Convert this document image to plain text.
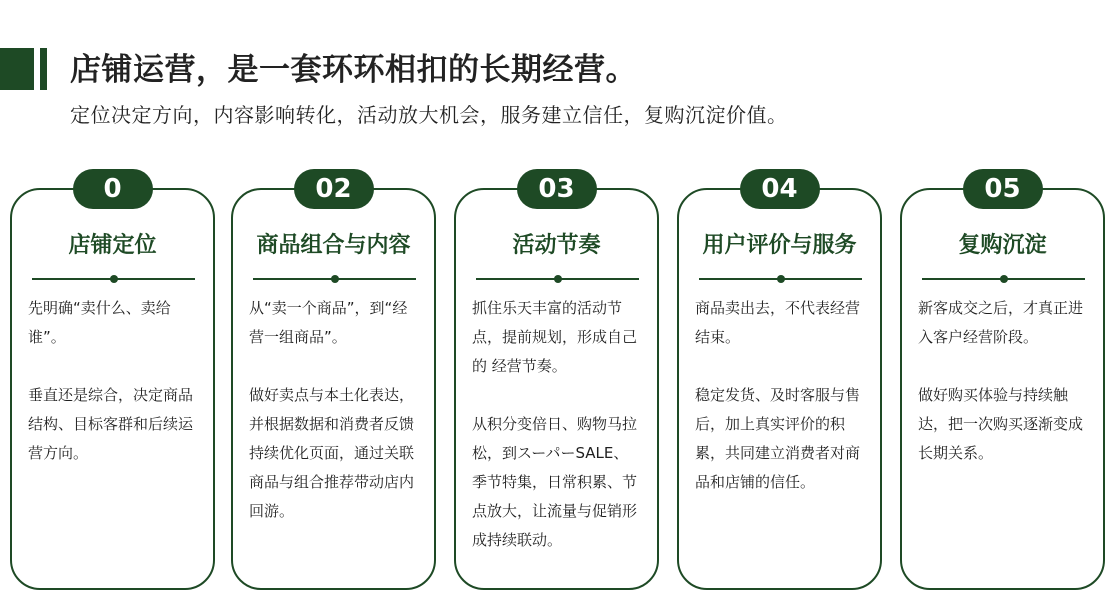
店铺运营，是一套环环相扣的长期经营。
定位决定方向，内容影响转化，活动放大机会，服务建立信任，复购沉淀价值。
0
店铺定位

先明确“卖什么、卖给谁”。

垂直还是综合，决定商品结构、目标客群和后续运营方向。

02
商品组合与内容

从“卖一个商品”，到“经营一组商品”。

做好卖点与本土化表达，并根据数据和消费者反馈持续优化页面，通过关联商品与组合推荐带动店内回游。

03
活动节奏

抓住乐天丰富的活动节点，提前规划，形成自己的 经营节奏。

从积分变倍日、购物马拉松，到スーパーSALE、季节特集，日常积累、节点放大，让流量与促销形成持续联动。

04
用户评价与服务

商品卖出去，不代表经营结束。

稳定发货、及时客服与售后，加上真实评价的积累，共同建立消费者对商品和店铺的信任。

05
复购沉淀

新客成交之后，才真正进入客户经营阶段。

做好购买体验与持续触达，把一次购买逐渐变成长期关系。
